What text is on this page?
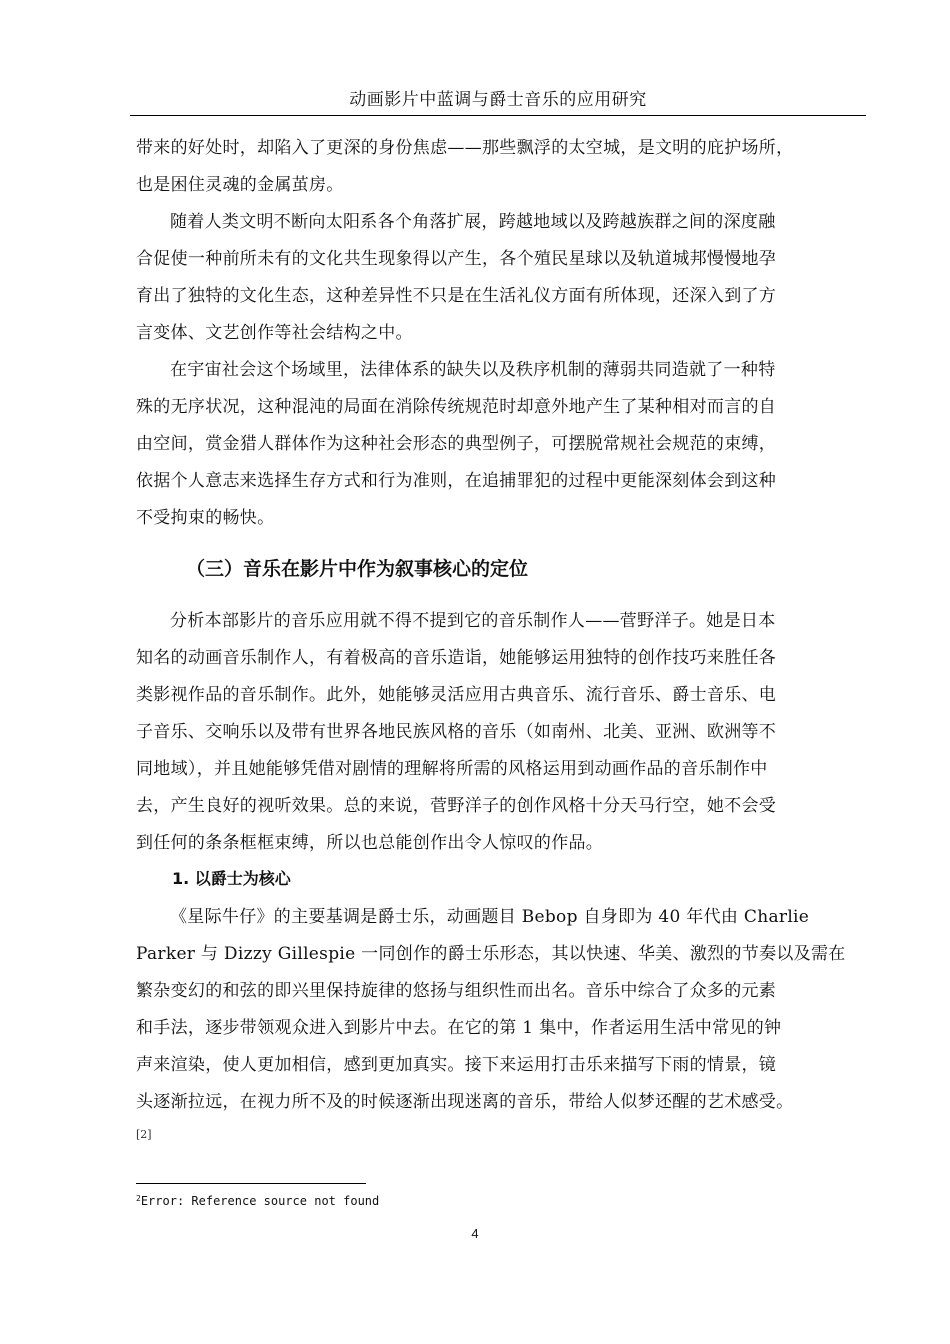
动画影片中蓝调与爵士音乐的应用研究
带来的好处时，却陷入了更深的身份焦虑——那些飘浮的太空城，是文明的庇护场所，
也是困住灵魂的金属茧房。
随着人类文明不断向太阳系各个角落扩展，跨越地域以及跨越族群之间的深度融
合促使一种前所未有的文化共生现象得以产生，各个殖民星球以及轨道城邦慢慢地孕
育出了独特的文化生态，这种差异性不只是在生活礼仪方面有所体现，还深入到了方
言变体、文艺创作等社会结构之中。
在宇宙社会这个场域里，法律体系的缺失以及秩序机制的薄弱共同造就了一种特
殊的无序状况，这种混沌的局面在消除传统规范时却意外地产生了某种相对而言的自
由空间，赏金猎人群体作为这种社会形态的典型例子，可摆脱常规社会规范的束缚，
依据个人意志来选择生存方式和行为准则，在追捕罪犯的过程中更能深刻体会到这种
不受拘束的畅快。
（三）音乐在影片中作为叙事核心的定位
分析本部影片的音乐应用就不得不提到它的音乐制作人——菅野洋子。她是日本
知名的动画音乐制作人，有着极高的音乐造诣，她能够运用独特的创作技巧来胜任各
类影视作品的音乐制作。此外，她能够灵活应用古典音乐、流行音乐、爵士音乐、电
子音乐、交响乐以及带有世界各地民族风格的音乐（如南州、北美、亚洲、欧洲等不
同地域），并且她能够凭借对剧情的理解将所需的风格运用到动画作品的音乐制作中
去，产生良好的视听效果。总的来说，菅野洋子的创作风格十分天马行空，她不会受
到任何的条条框框束缚，所以也总能创作出令人惊叹的作品。
1. 以爵士为核心
《星际牛仔》的主要基调是爵士乐，动画题目 Bebop 自身即为 40 年代由 Charlie
Parker 与 Dizzy Gillespie 一同创作的爵士乐形态，其以快速、华美、激烈的节奏以及需在
繁杂变幻的和弦的即兴里保持旋律的悠扬与组织性而出名。音乐中综合了众多的元素
和手法，逐步带领观众进入到影片中去。在它的第 1 集中，作者运用生活中常见的钟
声来渲染，使人更加相信，感到更加真实。接下来运用打击乐来描写下雨的情景，镜
头逐渐拉远，在视力所不及的时候逐渐出现迷离的音乐，带给人似梦还醒的艺术感受。
[2]
$^2$Error: Reference source not found
4
